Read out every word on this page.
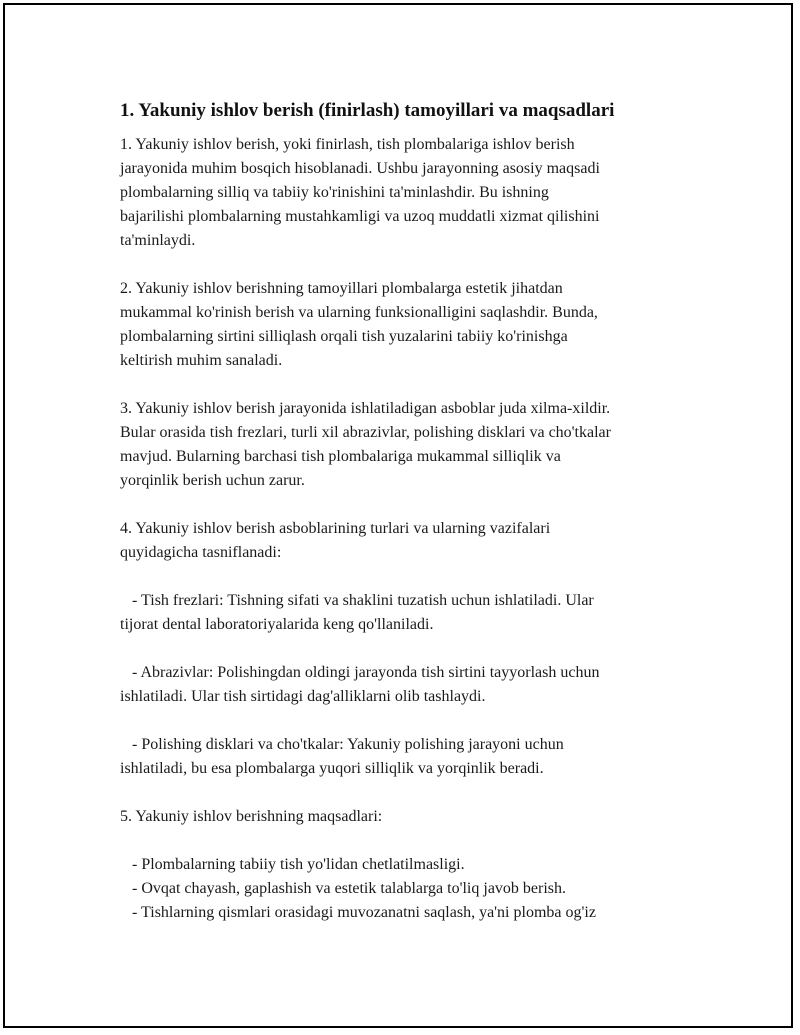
1. Yakuniy ishlov berish (finirlash) tamoyillari va maqsadlari
1. Yakuniy ishlov berish, yoki finirlash, tish plombalariga ishlov berish
jarayonida muhim bosqich hisoblanadi. Ushbu jarayonning asosiy maqsadi
plombalarning silliq va tabiiy ko'rinishini ta'minlashdir. Bu ishning
bajarilishi plombalarning mustahkamligi va uzoq muddatli xizmat qilishini
ta'minlaydi.
2. Yakuniy ishlov berishning tamoyillari plombalarga estetik jihatdan
mukammal ko'rinish berish va ularning funksionalligini saqlashdir. Bunda,
plombalarning sirtini silliqlash orqali tish yuzalarini tabiiy ko'rinishga
keltirish muhim sanaladi.
3. Yakuniy ishlov berish jarayonida ishlatiladigan asboblar juda xilma-xildir.
Bular orasida tish frezlari, turli xil abrazivlar, polishing disklari va cho'tkalar
mavjud. Bularning barchasi tish plombalariga mukammal silliqlik va
yorqinlik berish uchun zarur.
4. Yakuniy ishlov berish asboblarining turlari va ularning vazifalari
quyidagicha tasniflanadi:
- Tish frezlari: Tishning sifati va shaklini tuzatish uchun ishlatiladi. Ular
tijorat dental laboratoriyalarida keng qo'llaniladi.
- Abrazivlar: Polishingdan oldingi jarayonda tish sirtini tayyorlash uchun
ishlatiladi. Ular tish sirtidagi dag'alliklarni olib tashlaydi.
- Polishing disklari va cho'tkalar: Yakuniy polishing jarayoni uchun
ishlatiladi, bu esa plombalarga yuqori silliqlik va yorqinlik beradi.
5. Yakuniy ishlov berishning maqsadlari:
- Plombalarning tabiiy tish yo'lidan chetlatilmasligi.
- Ovqat chayash, gaplashish va estetik talablarga to'liq javob berish.
- Tishlarning qismlari orasidagi muvozanatni saqlash, ya'ni plomba og'iz
